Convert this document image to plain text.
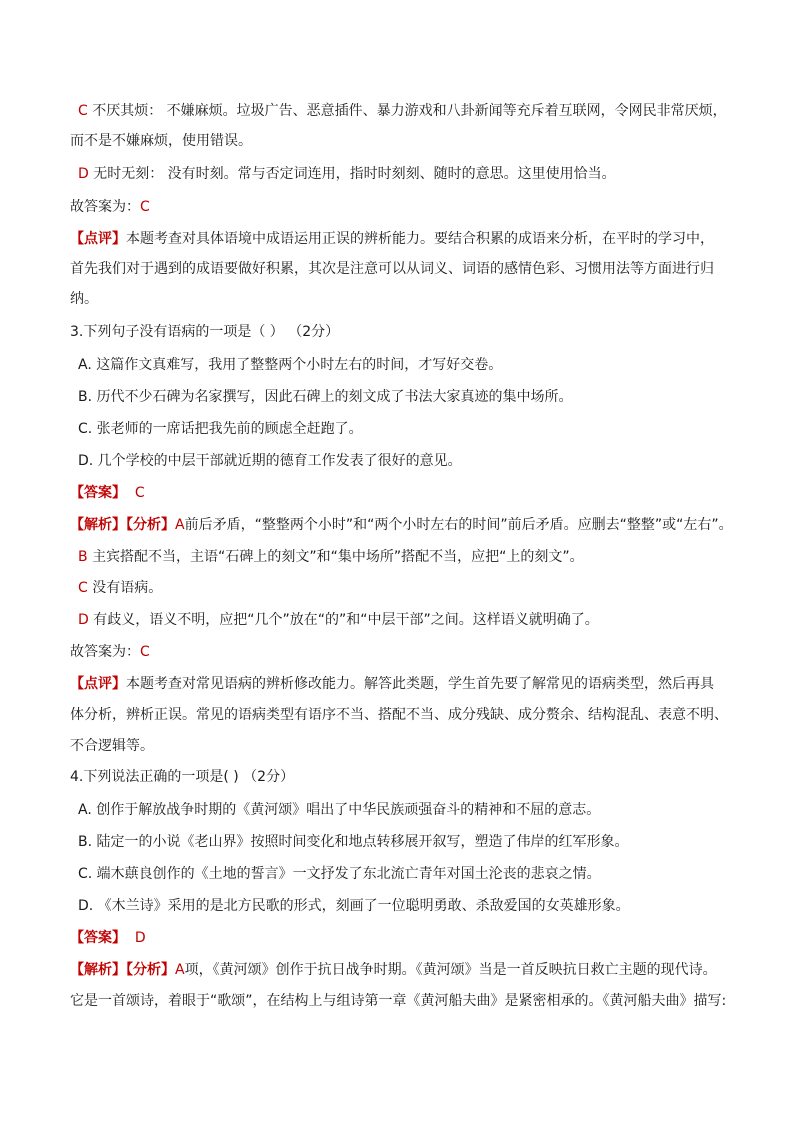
C 不厌其烦： 不嫌麻烦。垃圾广告、恶意插件、暴力游戏和八卦新闻等充斥着互联网，令网民非常厌烦，
而不是不嫌麻烦，使用错误。
D 无时无刻： 没有时刻。常与否定词连用，指时时刻刻、随时的意思。这里使用恰当。
故答案为：C
【点评】本题考查对具体语境中成语运用正误的辨析能力。要结合积累的成语来分析，在平时的学习中，
首先我们对于遇到的成语要做好积累，其次是注意可以从词义、词语的感情色彩、习惯用法等方面进行归
纳。
3.下列句子没有语病的一项是（ ） （2分）
A. 这篇作文真难写，我用了整整两个小时左右的时间，才写好交卷。
B. 历代不少石碑为名家撰写，因此石碑上的刻文成了书法大家真迹的集中场所。
C. 张老师的一席话把我先前的顾虑全赶跑了。
D. 几个学校的中层干部就近期的德育工作发表了很好的意见。
【答案】 C
【解析】【分析】A前后矛盾，“整整两个小时”和“两个小时左右的时间”前后矛盾。应删去“整整”或“左右”。
B 主宾搭配不当，主语“石碑上的刻文”和“集中场所”搭配不当，应把“上的刻文”。
C 没有语病。
D 有歧义，语义不明，应把“几个”放在“的”和“中层干部”之间。这样语义就明确了。
故答案为：C
【点评】本题考查对常见语病的辨析修改能力。解答此类题，学生首先要了解常见的语病类型，然后再具
体分析，辨析正误。常见的语病类型有语序不当、搭配不当、成分残缺、成分赘余、结构混乱、表意不明、
不合逻辑等。
4.下列说法正确的一项是( ) （2分）
A. 创作于解放战争时期的《黄河颂》唱出了中华民族顽强奋斗的精神和不屈的意志。
B. 陆定一的小说《老山界》按照时间变化和地点转移展开叙写，塑造了伟岸的红军形象。
C. 端木蕻良创作的《土地的誓言》一文抒发了东北流亡青年对国土沦丧的悲哀之情。
D. 《木兰诗》采用的是北方民歌的形式，刻画了一位聪明勇敢、杀敌爱国的女英雄形象。
【答案】 D
【解析】【分析】A项，《黄河颂》创作于抗日战争时期。《黄河颂》当是一首反映抗日救亡主题的现代诗。
它是一首颂诗，着眼于“歌颂”，在结构上与组诗第一章《黄河船夫曲》是紧密相承的。《黄河船夫曲》描写:
